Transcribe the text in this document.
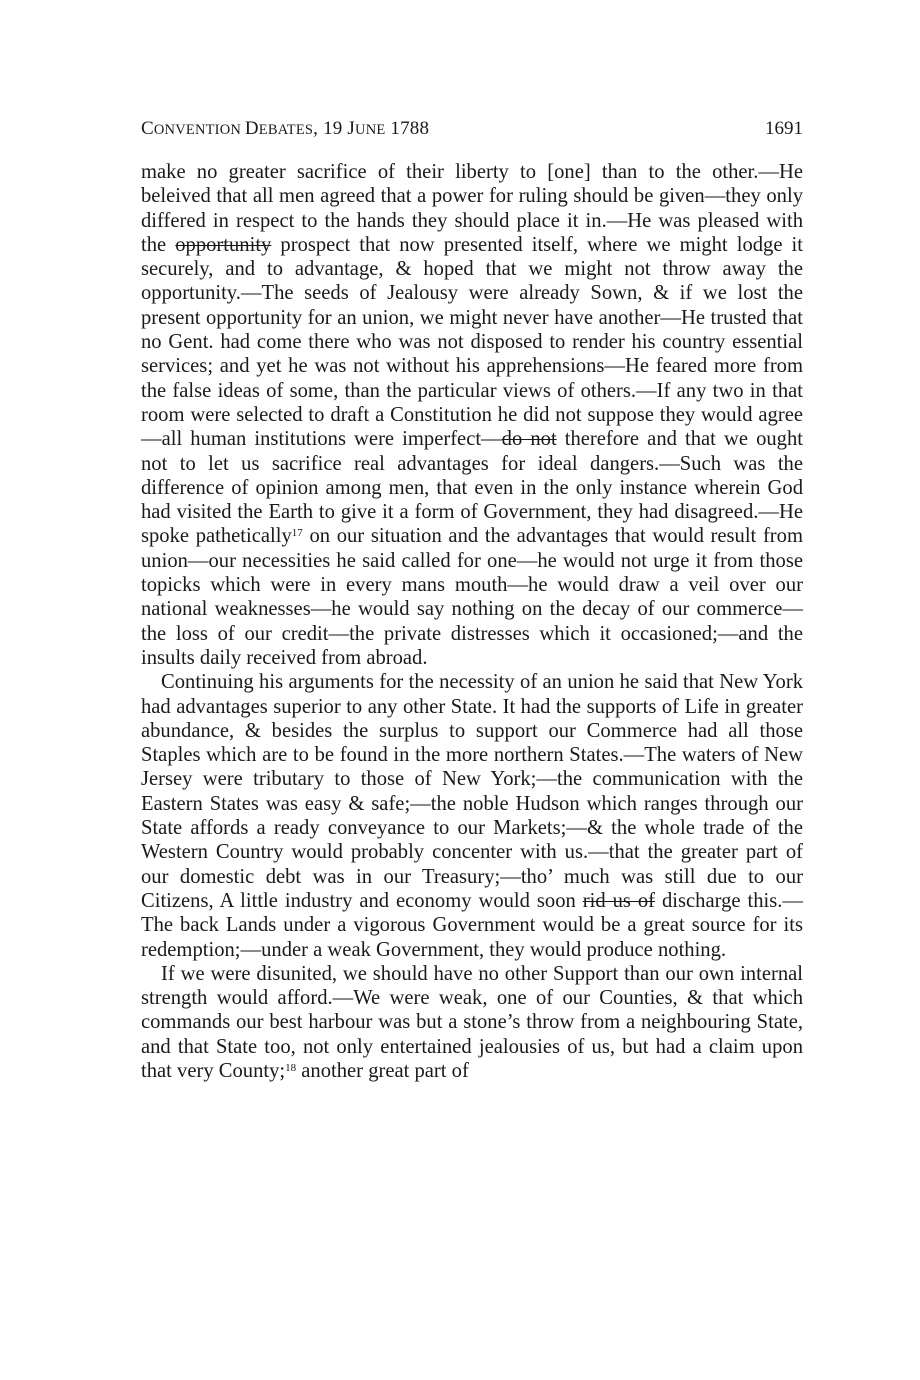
CONVENTION DEBATES, 19 JUNE 1788	1691

make no greater sacrifice of their liberty to [one] than to the other.—He beleived that all men agreed that a power for ruling should be given—they only differed in respect to the hands they should place it in.—He was pleased with the opportunity prospect that now presented itself, where we might lodge it securely, and to advantage, & hoped that we might not throw away the opportunity.—The seeds of Jealousy were already Sown, & if we lost the present opportunity for an union, we might never have another—He trusted that no Gent. had come there who was not disposed to render his country essential services; and yet he was not without his apprehensions—He feared more from the false ideas of some, than the particular views of others.—If any two in that room were selected to draft a Constitution he did not suppose they would agree—all human institutions were imperfect—do not therefore and that we ought not to let us sacrifice real advantages for ideal dangers.—Such was the difference of opinion among men, that even in the only instance wherein God had visited the Earth to give it a form of Government, they had disagreed.—He spoke pathetically$^{17}$ on our situation and the advantages that would result from union—our necessities he said called for one—he would not urge it from those topicks which were in every mans mouth—he would draw a veil over our national weaknesses—he would say nothing on the decay of our commerce—the loss of our credit—the private distresses which it occasioned;—and the insults daily received from abroad.

Continuing his arguments for the necessity of an union he said that New York had advantages superior to any other State. It had the supports of Life in greater abundance, & besides the surplus to support our Commerce had all those Staples which are to be found in the more northern States.—The waters of New Jersey were tributary to those of New York;—the communication with the Eastern States was easy & safe;—the noble Hudson which ranges through our State affords a ready conveyance to our Markets;—& the whole trade of the Western Country would probably concenter with us.—that the greater part of our domestic debt was in our Treasury;—tho’ much was still due to our Citizens, A little industry and economy would soon rid us of discharge this.—The back Lands under a vigorous Government would be a great source for its redemption;—under a weak Government, they would produce nothing.

If we were disunited, we should have no other Support than our own internal strength would afford.—We were weak, one of our Counties, & that which commands our best harbour was but a stone’s throw from a neighbouring State, and that State too, not only entertained jealousies of us, but had a claim upon that very County;$^{18}$ another great part of
